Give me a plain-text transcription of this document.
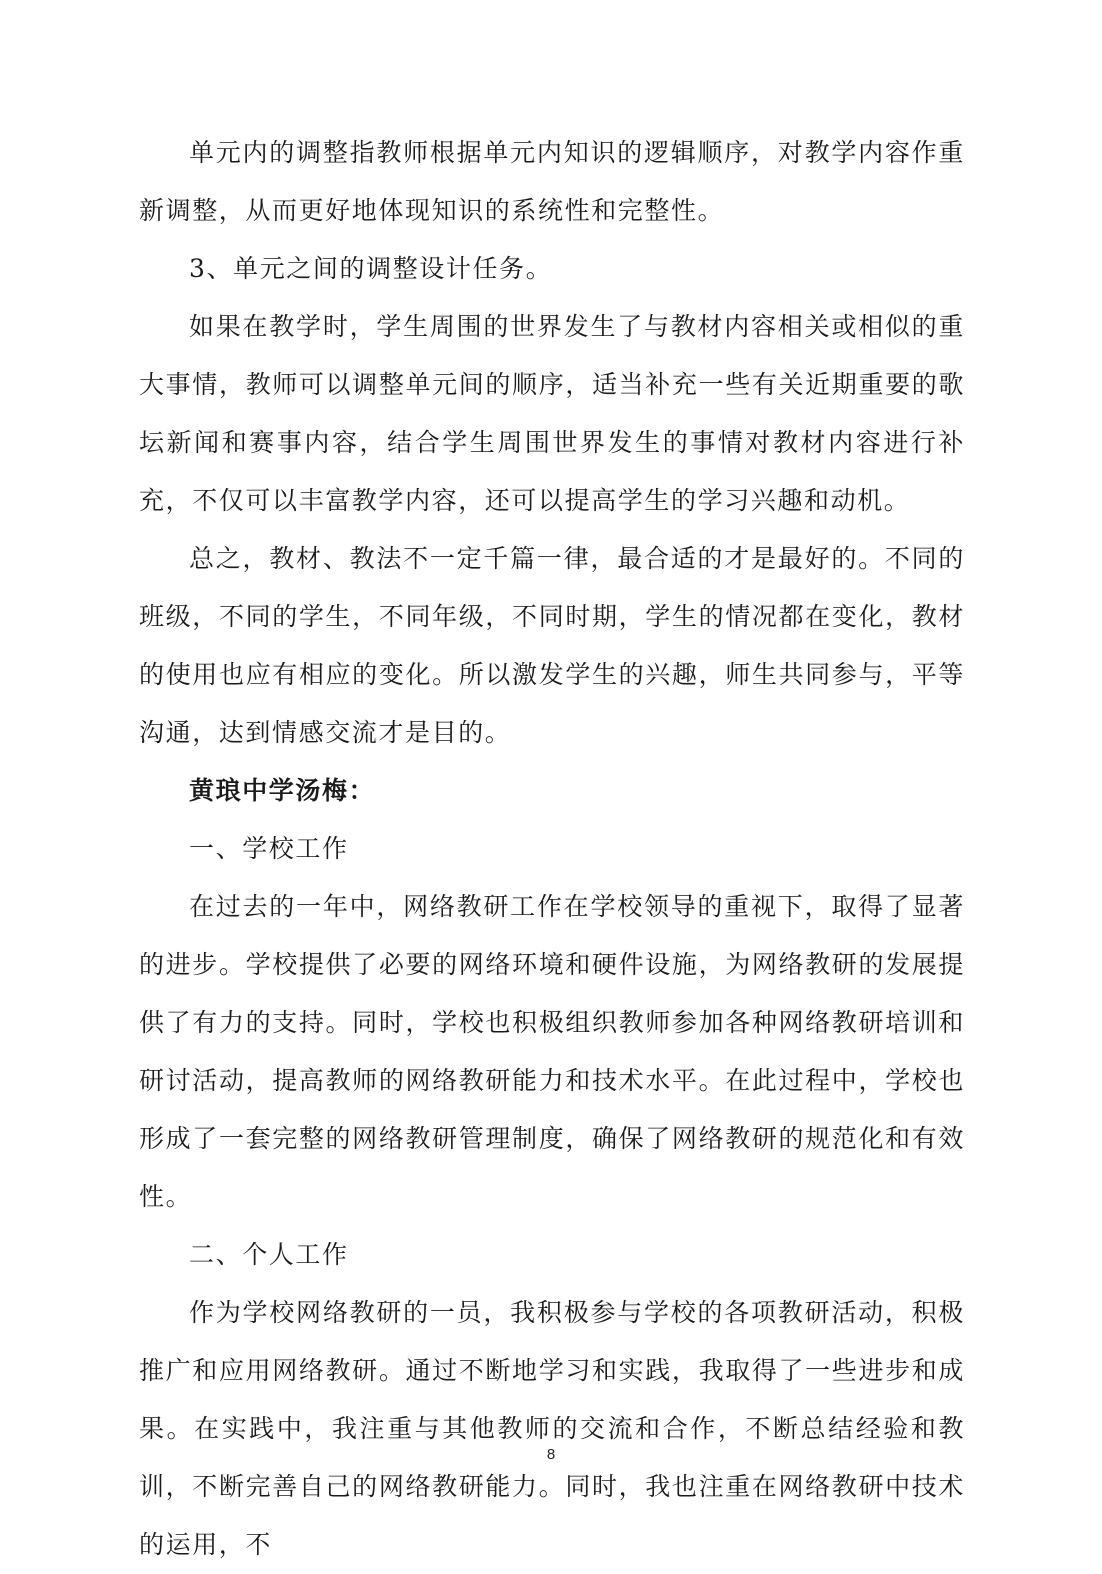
单元内的调整指教师根据单元内知识的逻辑顺序，对教学内容作重新调整，从而更好地体现知识的系统性和完整性。

3、单元之间的调整设计任务。

如果在教学时，学生周围的世界发生了与教材内容相关或相似的重大事情，教师可以调整单元间的顺序，适当补充一些有关近期重要的歌坛新闻和赛事内容，结合学生周围世界发生的事情对教材内容进行补充，不仅可以丰富教学内容，还可以提高学生的学习兴趣和动机。

总之，教材、教法不一定千篇一律，最合适的才是最好的。不同的班级，不同的学生，不同年级，不同时期，学生的情况都在变化，教材的使用也应有相应的变化。所以激发学生的兴趣，师生共同参与，平等沟通，达到情感交流才是目的。

黄琅中学汤梅：

一、学校工作

在过去的一年中，网络教研工作在学校领导的重视下，取得了显著的进步。学校提供了必要的网络环境和硬件设施，为网络教研的发展提供了有力的支持。同时，学校也积极组织教师参加各种网络教研培训和研讨活动，提高教师的网络教研能力和技术水平。在此过程中，学校也形成了一套完整的网络教研管理制度，确保了网络教研的规范化和有效性。

二、个人工作

作为学校网络教研的一员，我积极参与学校的各项教研活动，积极推广和应用网络教研。通过不断地学习和实践，我取得了一些进步和成果。在实践中，我注重与其他教师的交流和合作，不断总结经验和教训，不断完善自己的网络教研能力。同时，我也注重在网络教研中技术的运用，不

8
